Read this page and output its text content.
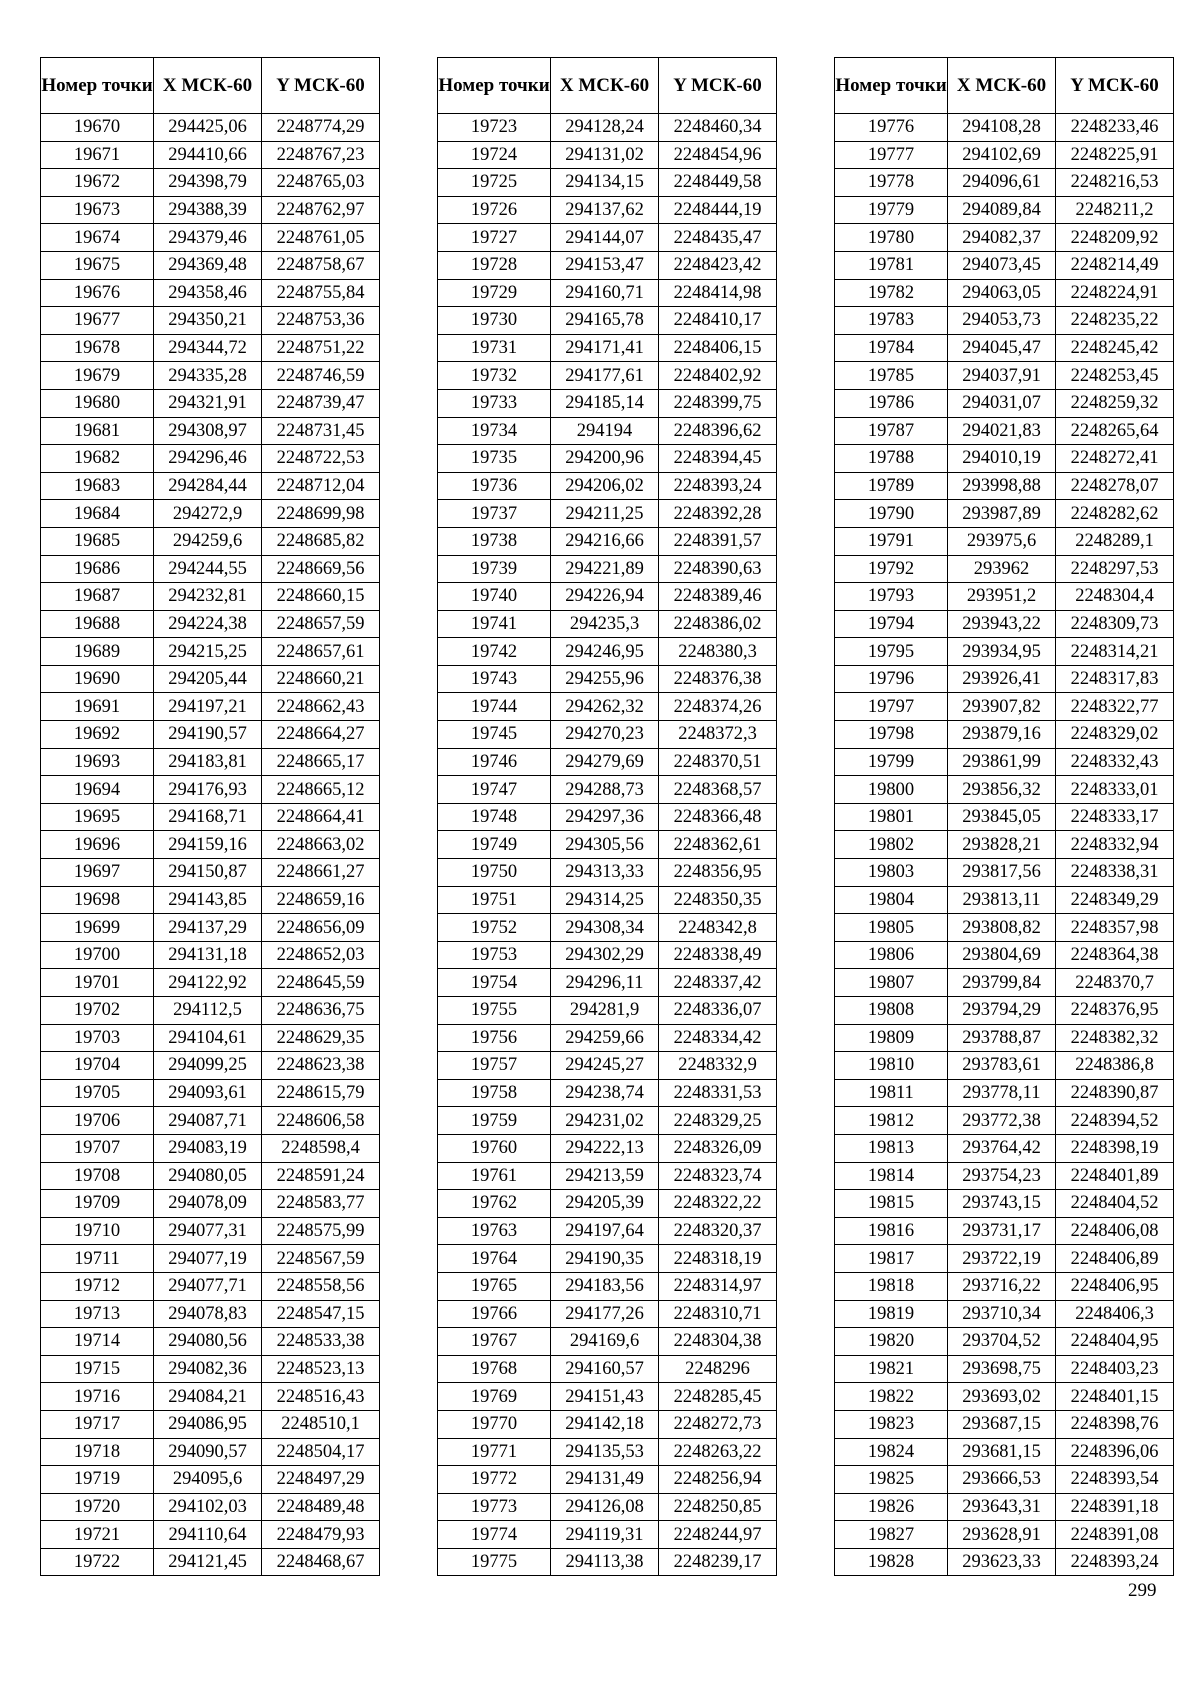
Номер точки	X МСК-60	Y МСК-60
19670	294425,06	2248774,29
19671	294410,66	2248767,23
19672	294398,79	2248765,03
19673	294388,39	2248762,97
19674	294379,46	2248761,05
19675	294369,48	2248758,67
19676	294358,46	2248755,84
19677	294350,21	2248753,36
19678	294344,72	2248751,22
19679	294335,28	2248746,59
19680	294321,91	2248739,47
19681	294308,97	2248731,45
19682	294296,46	2248722,53
19683	294284,44	2248712,04
19684	294272,9	2248699,98
19685	294259,6	2248685,82
19686	294244,55	2248669,56
19687	294232,81	2248660,15
19688	294224,38	2248657,59
19689	294215,25	2248657,61
19690	294205,44	2248660,21
19691	294197,21	2248662,43
19692	294190,57	2248664,27
19693	294183,81	2248665,17
19694	294176,93	2248665,12
19695	294168,71	2248664,41
19696	294159,16	2248663,02
19697	294150,87	2248661,27
19698	294143,85	2248659,16
19699	294137,29	2248656,09
19700	294131,18	2248652,03
19701	294122,92	2248645,59
19702	294112,5	2248636,75
19703	294104,61	2248629,35
19704	294099,25	2248623,38
19705	294093,61	2248615,79
19706	294087,71	2248606,58
19707	294083,19	2248598,4
19708	294080,05	2248591,24
19709	294078,09	2248583,77
19710	294077,31	2248575,99
19711	294077,19	2248567,59
19712	294077,71	2248558,56
19713	294078,83	2248547,15
19714	294080,56	2248533,38
19715	294082,36	2248523,13
19716	294084,21	2248516,43
19717	294086,95	2248510,1
19718	294090,57	2248504,17
19719	294095,6	2248497,29
19720	294102,03	2248489,48
19721	294110,64	2248479,93
19722	294121,45	2248468,67
Номер точки	X МСК-60	Y МСК-60
19723	294128,24	2248460,34
19724	294131,02	2248454,96
19725	294134,15	2248449,58
19726	294137,62	2248444,19
19727	294144,07	2248435,47
19728	294153,47	2248423,42
19729	294160,71	2248414,98
19730	294165,78	2248410,17
19731	294171,41	2248406,15
19732	294177,61	2248402,92
19733	294185,14	2248399,75
19734	294194	2248396,62
19735	294200,96	2248394,45
19736	294206,02	2248393,24
19737	294211,25	2248392,28
19738	294216,66	2248391,57
19739	294221,89	2248390,63
19740	294226,94	2248389,46
19741	294235,3	2248386,02
19742	294246,95	2248380,3
19743	294255,96	2248376,38
19744	294262,32	2248374,26
19745	294270,23	2248372,3
19746	294279,69	2248370,51
19747	294288,73	2248368,57
19748	294297,36	2248366,48
19749	294305,56	2248362,61
19750	294313,33	2248356,95
19751	294314,25	2248350,35
19752	294308,34	2248342,8
19753	294302,29	2248338,49
19754	294296,11	2248337,42
19755	294281,9	2248336,07
19756	294259,66	2248334,42
19757	294245,27	2248332,9
19758	294238,74	2248331,53
19759	294231,02	2248329,25
19760	294222,13	2248326,09
19761	294213,59	2248323,74
19762	294205,39	2248322,22
19763	294197,64	2248320,37
19764	294190,35	2248318,19
19765	294183,56	2248314,97
19766	294177,26	2248310,71
19767	294169,6	2248304,38
19768	294160,57	2248296
19769	294151,43	2248285,45
19770	294142,18	2248272,73
19771	294135,53	2248263,22
19772	294131,49	2248256,94
19773	294126,08	2248250,85
19774	294119,31	2248244,97
19775	294113,38	2248239,17
Номер точки	X МСК-60	Y МСК-60
19776	294108,28	2248233,46
19777	294102,69	2248225,91
19778	294096,61	2248216,53
19779	294089,84	2248211,2
19780	294082,37	2248209,92
19781	294073,45	2248214,49
19782	294063,05	2248224,91
19783	294053,73	2248235,22
19784	294045,47	2248245,42
19785	294037,91	2248253,45
19786	294031,07	2248259,32
19787	294021,83	2248265,64
19788	294010,19	2248272,41
19789	293998,88	2248278,07
19790	293987,89	2248282,62
19791	293975,6	2248289,1
19792	293962	2248297,53
19793	293951,2	2248304,4
19794	293943,22	2248309,73
19795	293934,95	2248314,21
19796	293926,41	2248317,83
19797	293907,82	2248322,77
19798	293879,16	2248329,02
19799	293861,99	2248332,43
19800	293856,32	2248333,01
19801	293845,05	2248333,17
19802	293828,21	2248332,94
19803	293817,56	2248338,31
19804	293813,11	2248349,29
19805	293808,82	2248357,98
19806	293804,69	2248364,38
19807	293799,84	2248370,7
19808	293794,29	2248376,95
19809	293788,87	2248382,32
19810	293783,61	2248386,8
19811	293778,11	2248390,87
19812	293772,38	2248394,52
19813	293764,42	2248398,19
19814	293754,23	2248401,89
19815	293743,15	2248404,52
19816	293731,17	2248406,08
19817	293722,19	2248406,89
19818	293716,22	2248406,95
19819	293710,34	2248406,3
19820	293704,52	2248404,95
19821	293698,75	2248403,23
19822	293693,02	2248401,15
19823	293687,15	2248398,76
19824	293681,15	2248396,06
19825	293666,53	2248393,54
19826	293643,31	2248391,18
19827	293628,91	2248391,08
19828	293623,33	2248393,24
299
